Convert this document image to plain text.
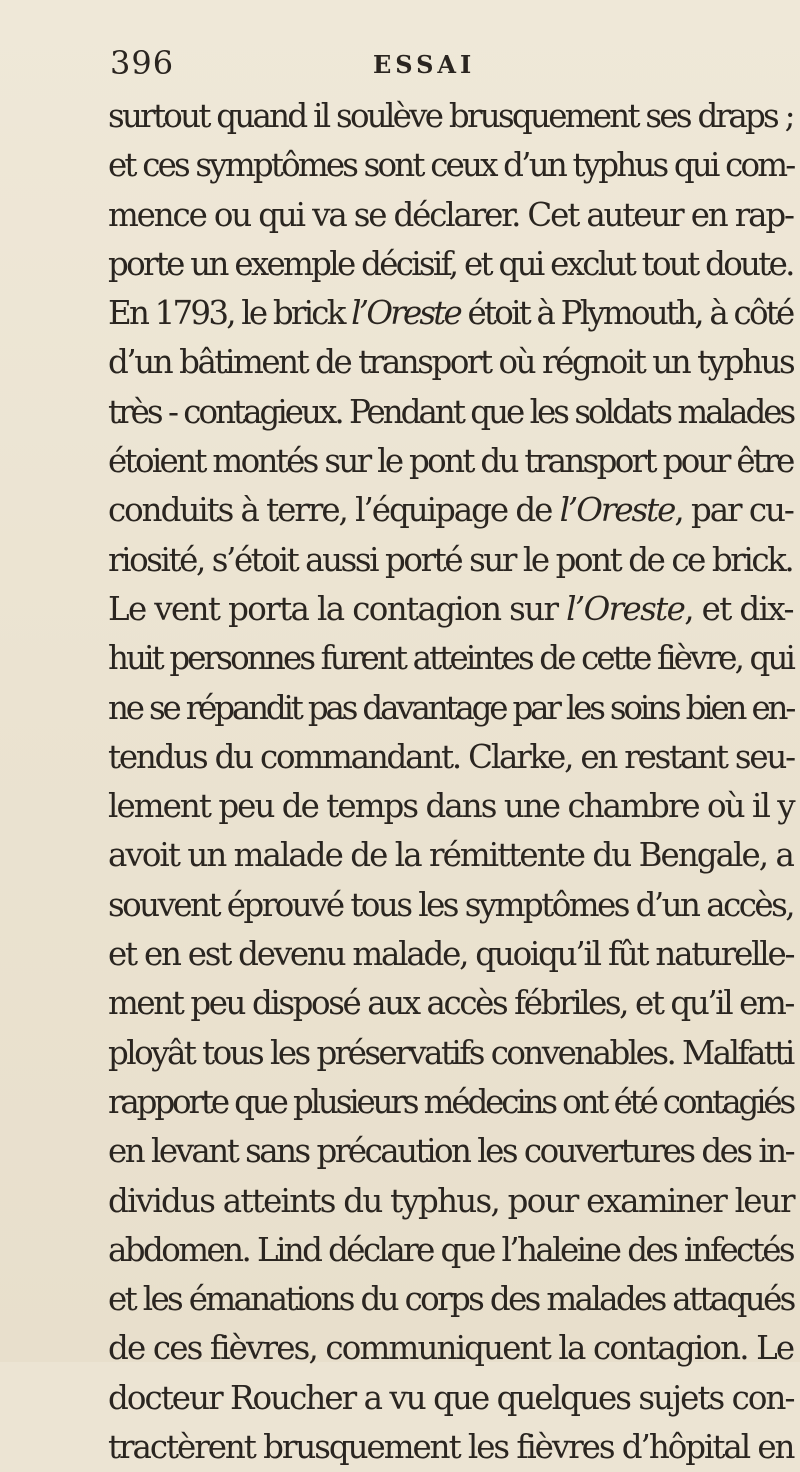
396	ESSAI
surtout quand il soulève brusquement ses draps ;
et ces symptômes sont ceux d’un typhus qui com-
mence ou qui va se déclarer. Cet auteur en rap-
porte un exemple décisif, et qui exclut tout doute.
En 1793, le brick l’Oreste étoit à Plymouth, à côté
d’un bâtiment de transport où régnoit un typhus
très - contagieux. Pendant que les soldats malades
étoient montés sur le pont du transport pour être
conduits à terre, l’équipage de l’Oreste, par cu-
riosité, s’étoit aussi porté sur le pont de ce brick.
Le vent porta la contagion sur l’Oreste, et dix-
huit personnes furent atteintes de cette fièvre, qui
ne se répandit pas davantage par les soins bien en-
tendus du commandant. Clarke, en restant seu-
lement peu de temps dans une chambre où il y
avoit un malade de la rémittente du Bengale, a
souvent éprouvé tous les symptômes d’un accès,
et en est devenu malade, quoiqu’il fût naturelle-
ment peu disposé aux accès fébriles, et qu’il em-
ployât tous les préservatifs convenables. Malfatti
rapporte que plusieurs médecins ont été contagiés
en levant sans précaution les couvertures des in-
dividus atteints du typhus, pour examiner leur
abdomen. Lind déclare que l’haleine des infectés
et les émanations du corps des malades attaqués
de ces fièvres, communiquent la contagion. Le
docteur Roucher a vu que quelques sujets con-
tractèrent brusquement les fièvres d’hôpital en
